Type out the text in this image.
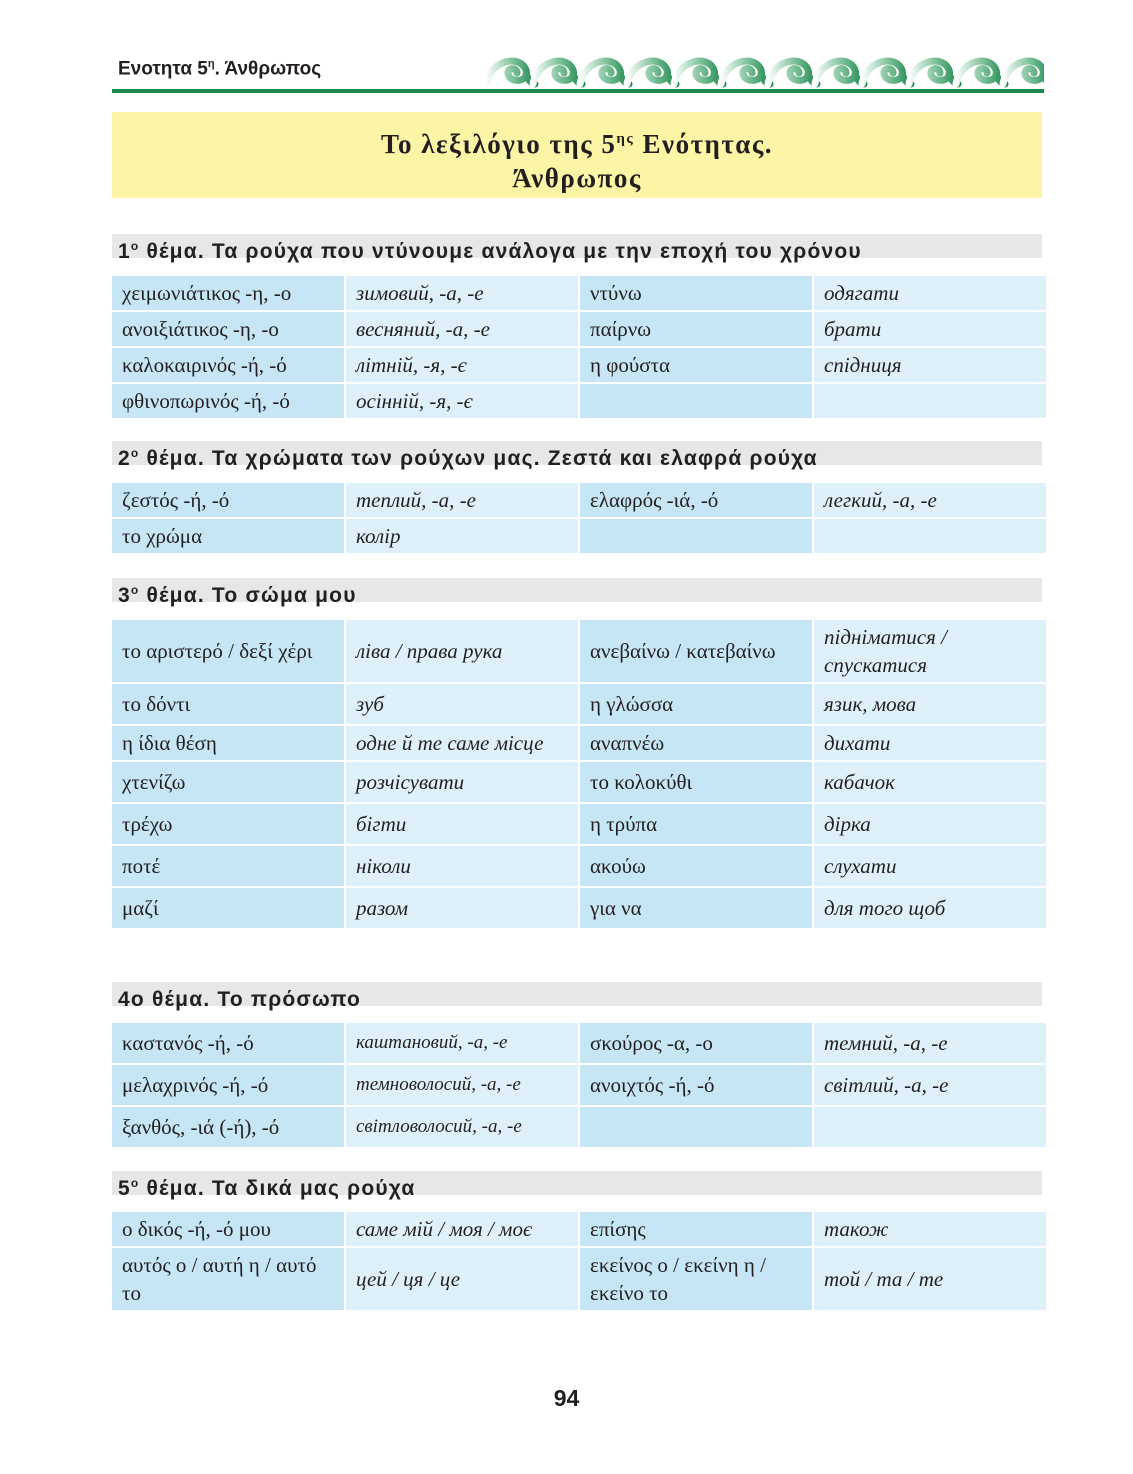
Ενοτητα $5^\eta$. Άνθρωπος
Το λεξιλόγιο της $5^{\eta\varsigma}$ Ενότητας.
Άνθρωπος
$1^o$ θέμα. Τα ρούχα που ντύνουμε ανάλογα με την εποχή του χρόνου
χειμωνιάτικος -η, -ο	зимовий, -а, -е	ντύνω	одягати
ανοιξιάτικος -η, -ο	весняний, -а, -е	παίρνω	брати
καλοκαιρινός -ή, -ό	літній, -я, -є	η φούστα	спідниця
φθινοπωρινός -ή, -ό	осінній, -я, -є		
$2^o$ θέμα. Τα χρώματα των ρούχων μας. Ζεστά και ελαφρά ρούχα
ζεστός -ή, -ό	теплий, -а, -е	ελαφρός -ιά, -ό	легкий, -а, -е
το χρώμα	колір		
$3^o$ θέμα. Το σώμα μου
το αριστερό / δεξί χέρι	ліва / права рука	ανεβαίνω / κατεβαίνω	підніматися / спускатися
το δόντι	зуб	η γλώσσα	язик, мова
η ίδια θέση	одне й те саме місце	αναπνέω	дихати
χτενίζω	розчісувати	το κολοκύθι	кабачок
τρέχω	бігти	η τρύπα	дірка
ποτέ	ніколи	ακούω	слухати
μαζί	разом	για να	для того щоб
4ο θέμα. Το πρόσωπο
καστανός -ή, -ό	каштановий, -а, -е	σκούρος -α, -ο	темний, -а, -е
μελαχρινός -ή, -ό	темноволосий, -а, -е	ανοιχτός -ή, -ό	світлий, -а, -е
ξανθός, -ιά (-ή), -ό	світловолосий, -а, -е		
$5^o$ θέμα. Τα δικά μας ρούχα
ο δικός -ή, -ό μου	саме мій / моя / моє	επίσης	також
αυτός ο / αυτή η / αυτό το	цей / ця / це	εκείνος ο / εκείνη η / εκείνο το	той / та / те
94
